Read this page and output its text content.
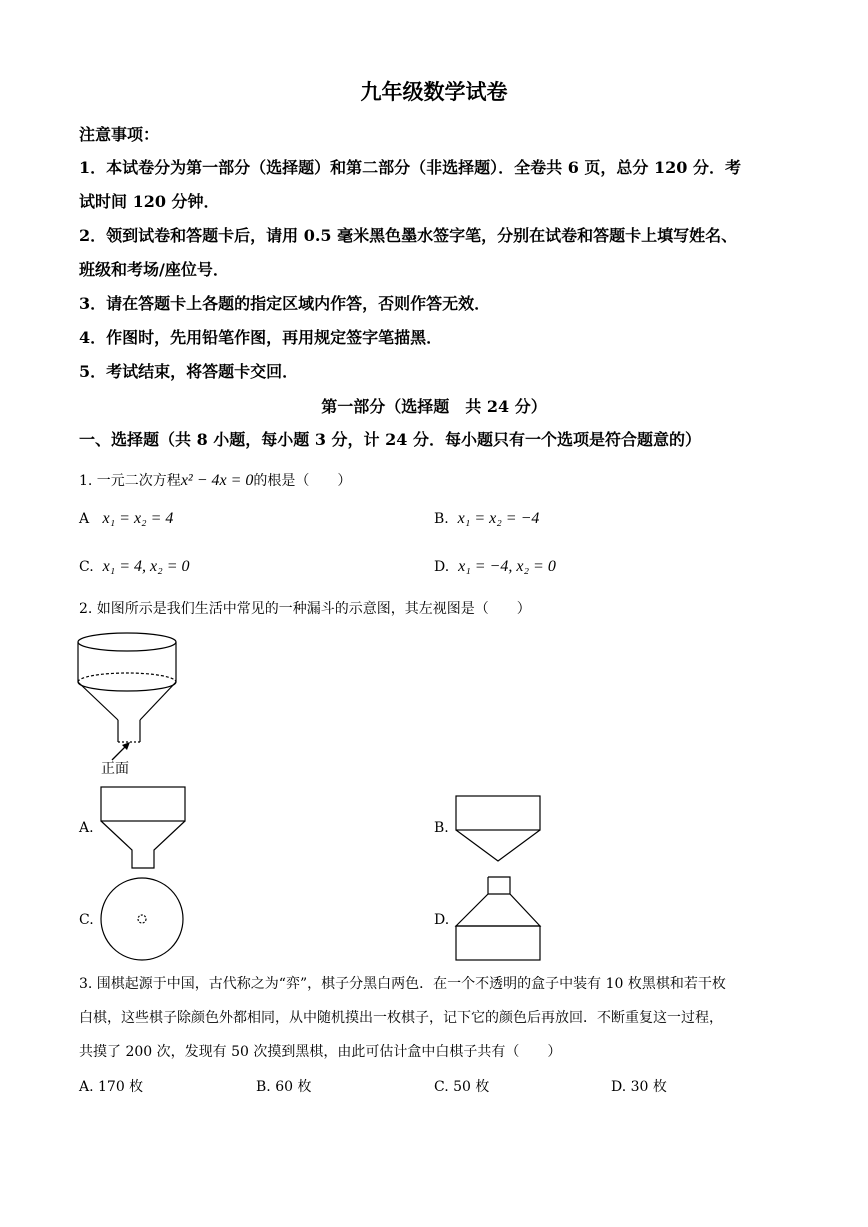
九年级数学试卷
注意事项：
1．本试卷分为第一部分（选择题）和第二部分（非选择题）．全卷共 6 页，总分 120 分．考
试时间 120 分钟．
2．领到试卷和答题卡后，请用 0.5 毫米黑色墨水签字笔，分别在试卷和答题卡上填写姓名、
班级和考场/座位号．
3．请在答题卡上各题的指定区域内作答，否则作答无效．
4．作图时，先用铅笔作图，再用规定签字笔描黑．
5．考试结束，将答题卡交回．
第一部分（选择题　共 24 分）
一、选择题（共 8 小题，每小题 3 分，计 24 分．每小题只有一个选项是符合题意的）
1. 一元二次方程x² − 4x = 0的根是（　　）
A x₁ = x₂ = 4	B. x₁ = x₂ = −4
C. x₁ = 4, x₂ = 0	D. x₁ = −4, x₂ = 0
2. 如图所示是我们生活中常见的一种漏斗的示意图，其左视图是（　　）
正面
A.	B.
C.	D.
3. 围棋起源于中国，古代称之为“弈”，棋子分黑白两色．在一个不透明的盒子中装有 10 枚黑棋和若干枚
白棋，这些棋子除颜色外都相同，从中随机摸出一枚棋子，记下它的颜色后再放回．不断重复这一过程，
共摸了 200 次，发现有 50 次摸到黑棋，由此可估计盒中白棋子共有（　　）
A. 170 枚	B. 60 枚	C. 50 枚	D. 30 枚
